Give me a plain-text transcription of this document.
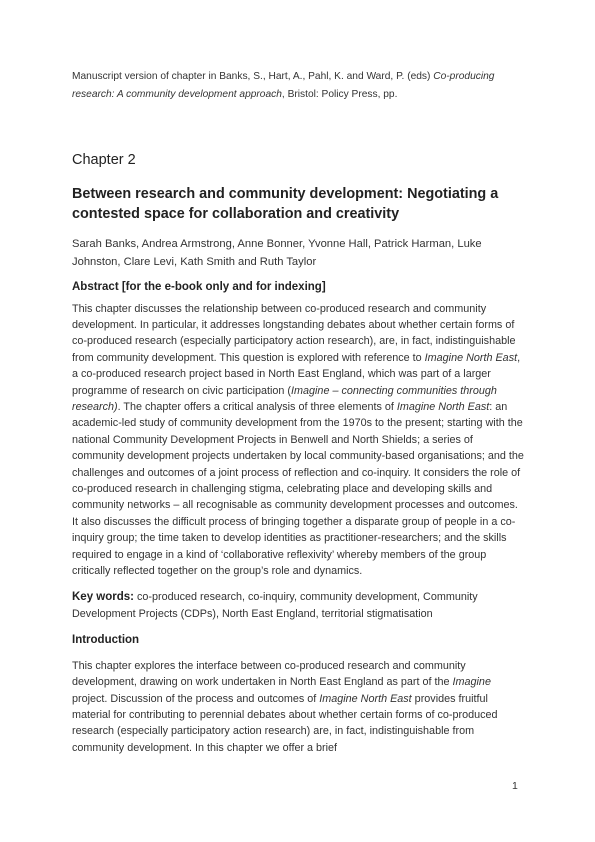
Manuscript version of chapter in Banks, S., Hart, A., Pahl, K. and Ward, P. (eds) Co-producing research: A community development approach, Bristol: Policy Press, pp.

Chapter 2
Between research and community development: Negotiating a contested space for collaboration and creativity
Sarah Banks, Andrea Armstrong, Anne Bonner, Yvonne Hall, Patrick Harman, Luke Johnston, Clare Levi, Kath Smith and Ruth Taylor
Abstract [for the e-book only and for indexing]

This chapter discusses the relationship between co-produced research and community development. In particular, it addresses longstanding debates about whether certain forms of co-produced research (especially participatory action research), are, in fact, indistinguishable from community development. This question is explored with reference to Imagine North East, a co-produced research project based in North East England, which was part of a larger programme of research on civic participation (Imagine – connecting communities through research). The chapter offers a critical analysis of three elements of Imagine North East: an academic-led study of community development from the 1970s to the present; starting with the national Community Development Projects in Benwell and North Shields; a series of community development projects undertaken by local community-based organisations; and the challenges and outcomes of a joint process of reflection and co-inquiry. It considers the role of co-produced research in challenging stigma, celebrating place and developing skills and community networks – all recognisable as community development processes and outcomes. It also discusses the difficult process of bringing together a disparate group of people in a co-inquiry group; the time taken to develop identities as practitioner-researchers; and the skills required to engage in a kind of ‘collaborative reflexivity’ whereby members of the group critically reflected together on the group’s role and dynamics.

Key words: co-produced research, co-inquiry, community development, Community Development Projects (CDPs), North East England, territorial stigmatisation

Introduction

This chapter explores the interface between co-produced research and community development, drawing on work undertaken in North East England as part of the Imagine project. Discussion of the process and outcomes of Imagine North East provides fruitful material for contributing to perennial debates about whether certain forms of co-produced research (especially participatory action research) are, in fact, indistinguishable from community development. In this chapter we offer a brief

1
